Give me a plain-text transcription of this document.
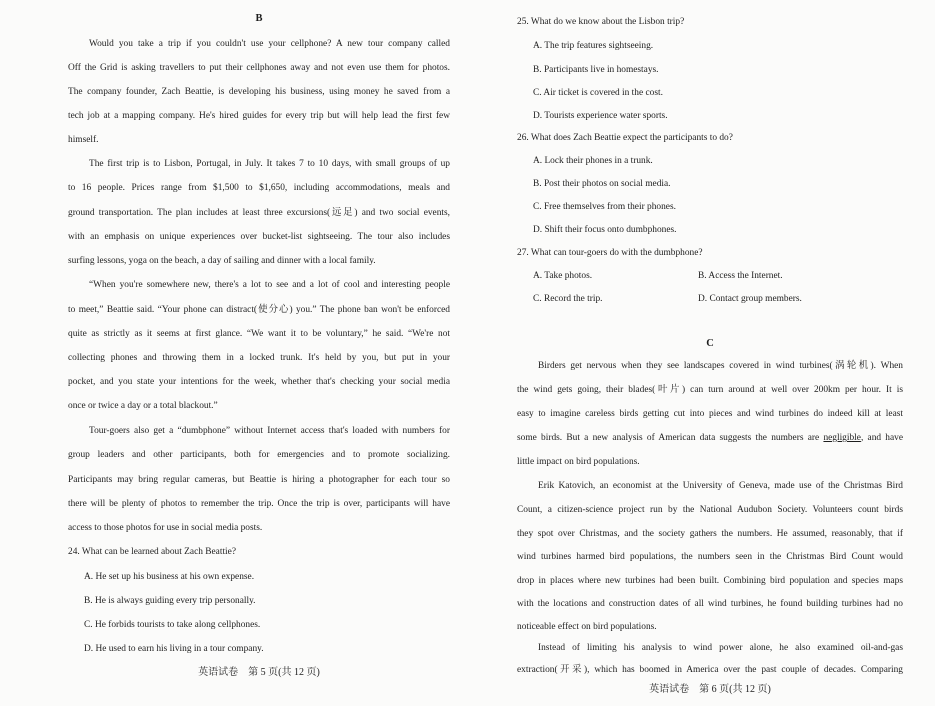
B
Would you take a trip if you couldn't use your cellphone? A new tour company called
Off the Grid is asking travellers to put their cellphones away and not even use them for photos.
The company founder, Zach Beattie, is developing his business, using money he saved from a
tech job at a mapping company. He's hired guides for every trip but will help lead the first few
himself.
The first trip is to Lisbon, Portugal, in July. It takes 7 to 10 days, with small groups of up
to 16 people. Prices range from $1,500 to $1,650, including accommodations, meals and
ground transportation. The plan includes at least three excursions(远足) and two social events,
with an emphasis on unique experiences over bucket-list sightseeing. The tour also includes
surfing lessons, yoga on the beach, a day of sailing and dinner with a local family.
“When you're somewhere new, there's a lot to see and a lot of cool and interesting people
to meet,” Beattie said. “Your phone can distract(使分心) you.” The phone ban won't be enforced
quite as strictly as it seems at first glance. “We want it to be voluntary,” he said. “We're not
collecting phones and throwing them in a locked trunk. It's held by you, but put in your
pocket, and you state your intentions for the week, whether that's checking your social media
once or twice a day or a total blackout.”
Tour-goers also get a “dumbphone” without Internet access that's loaded with numbers for
group leaders and other participants, both for emergencies and to promote socializing.
Participants may bring regular cameras, but Beattie is hiring a photographer for each tour so
there will be plenty of photos to remember the trip. Once the trip is over, participants will have
access to those photos for use in social media posts.
24. What can be learned about Zach Beattie?
A. He set up his business at his own expense.
B. He is always guiding every trip personally.
C. He forbids tourists to take along cellphones.
D. He used to earn his living in a tour company.
英语试卷　第 5 页(共 12 页)
25. What do we know about the Lisbon trip?
A. The trip features sightseeing.
B. Participants live in homestays.
C. Air ticket is covered in the cost.
D. Tourists experience water sports.
26. What does Zach Beattie expect the participants to do?
A. Lock their phones in a trunk.
B. Post their photos on social media.
C. Free themselves from their phones.
D. Shift their focus onto dumbphones.
27. What can tour-goers do with the dumbphone?
A. Take photos.	B. Access the Internet.
C. Record the trip.	D. Contact group members.
C
Birders get nervous when they see landscapes covered in wind turbines(涡轮机). When
the wind gets going, their blades(叶片) can turn around at well over 200km per hour. It is
easy to imagine careless birds getting cut into pieces and wind turbines do indeed kill at least
some birds. But a new analysis of American data suggests the numbers are negligible, and have
little impact on bird populations.
Erik Katovich, an economist at the University of Geneva, made use of the Christmas Bird
Count, a citizen-science project run by the National Audubon Society. Volunteers count birds
they spot over Christmas, and the society gathers the numbers. He assumed, reasonably, that if
wind turbines harmed bird populations, the numbers seen in the Christmas Bird Count would
drop in places where new turbines had been built. Combining bird population and species maps
with the locations and construction dates of all wind turbines, he found building turbines had no
noticeable effect on bird populations.
Instead of limiting his analysis to wind power alone, he also examined oil-and-gas
extraction(开采), which has boomed in America over the past couple of decades. Comparing
英语试卷　第 6 页(共 12 页)
